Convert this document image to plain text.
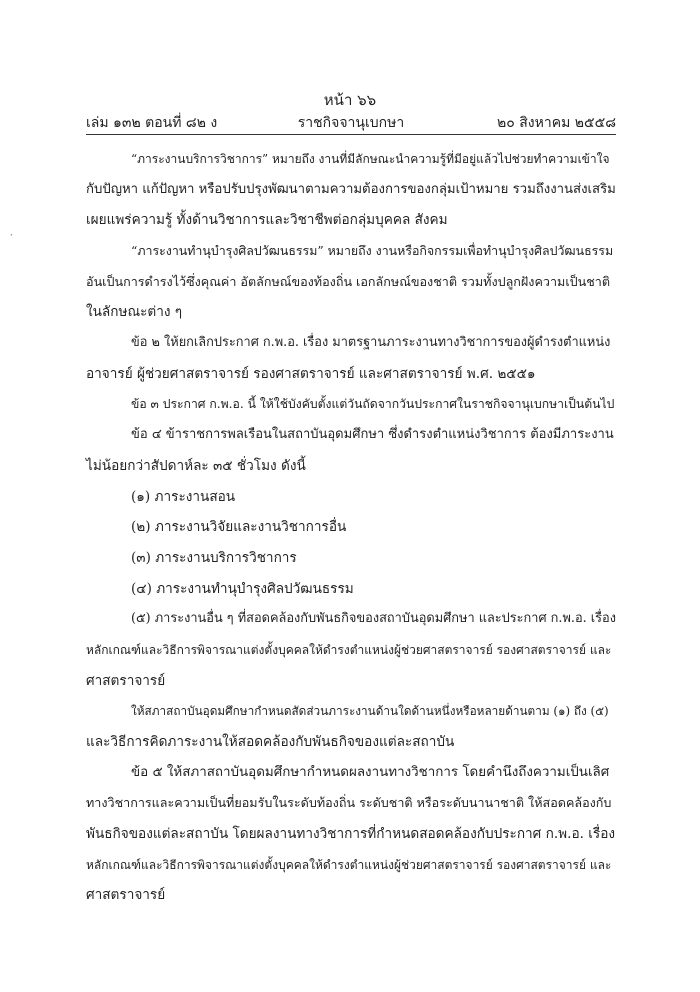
หน้า ๖๖
เล่ม ๑๓๒ ตอนที่ ๘๒ ง	ราชกิจจานุเบกษา	๒๐ สิงหาคม ๒๕๕๘
ꞏ
“ภาระงานบริการวิชาการ” หมายถึง งานที่มีลักษณะนำความรู้ที่มีอยู่แล้วไปช่วยทำความเข้าใจ
กับปัญหา แก้ปัญหา หรือปรับปรุงพัฒนาตามความต้องการของกลุ่มเป้าหมาย รวมถึงงานส่งเสริม
เผยแพร่ความรู้ ทั้งด้านวิชาการและวิชาชีพต่อกลุ่มบุคคล สังคม
“ภาระงานทำนุบำรุงศิลปวัฒนธรรม” หมายถึง งานหรือกิจกรรมเพื่อทำนุบำรุงศิลปวัฒนธรรม
อันเป็นการดำรงไว้ซึ่งคุณค่า อัตลักษณ์ของท้องถิ่น เอกลักษณ์ของชาติ รวมทั้งปลูกฝังความเป็นชาติ
ในลักษณะต่าง ๆ
ข้อ ๒ ให้ยกเลิกประกาศ ก.พ.อ. เรื่อง มาตรฐานภาระงานทางวิชาการของผู้ดำรงตำแหน่ง
อาจารย์ ผู้ช่วยศาสตราจารย์ รองศาสตราจารย์ และศาสตราจารย์ พ.ศ. ๒๕๕๑
ข้อ ๓ ประกาศ ก.พ.อ. นี้ ให้ใช้บังคับตั้งแต่วันถัดจากวันประกาศในราชกิจจานุเบกษาเป็นต้นไป
ข้อ ๔ ข้าราชการพลเรือนในสถาบันอุดมศึกษา ซึ่งดำรงตำแหน่งวิชาการ ต้องมีภาระงาน
ไม่น้อยกว่าสัปดาห์ละ ๓๕ ชั่วโมง ดังนี้
(๑) ภาระงานสอน
(๒) ภาระงานวิจัยและงานวิชาการอื่น
(๓) ภาระงานบริการวิชาการ
(๔) ภาระงานทำนุบำรุงศิลปวัฒนธรรม
(๕) ภาระงานอื่น ๆ ที่สอดคล้องกับพันธกิจของสถาบันอุดมศึกษา และประกาศ ก.พ.อ. เรื่อง
หลักเกณฑ์และวิธีการพิจารณาแต่งตั้งบุคคลให้ดำรงตำแหน่งผู้ช่วยศาสตราจารย์ รองศาสตราจารย์ และ
ศาสตราจารย์
ให้สภาสถาบันอุดมศึกษากำหนดสัดส่วนภาระงานด้านใดด้านหนึ่งหรือหลายด้านตาม (๑) ถึง (๕)
และวิธีการคิดภาระงานให้สอดคล้องกับพันธกิจของแต่ละสถาบัน
ข้อ ๕ ให้สภาสถาบันอุดมศึกษากำหนดผลงานทางวิชาการ โดยคำนึงถึงความเป็นเลิศ
ทางวิชาการและความเป็นที่ยอมรับในระดับท้องถิ่น ระดับชาติ หรือระดับนานาชาติ ให้สอดคล้องกับ
พันธกิจของแต่ละสถาบัน โดยผลงานทางวิชาการที่กำหนดสอดคล้องกับประกาศ ก.พ.อ. เรื่อง
หลักเกณฑ์และวิธีการพิจารณาแต่งตั้งบุคคลให้ดำรงตำแหน่งผู้ช่วยศาสตราจารย์ รองศาสตราจารย์ และ
ศาสตราจารย์
